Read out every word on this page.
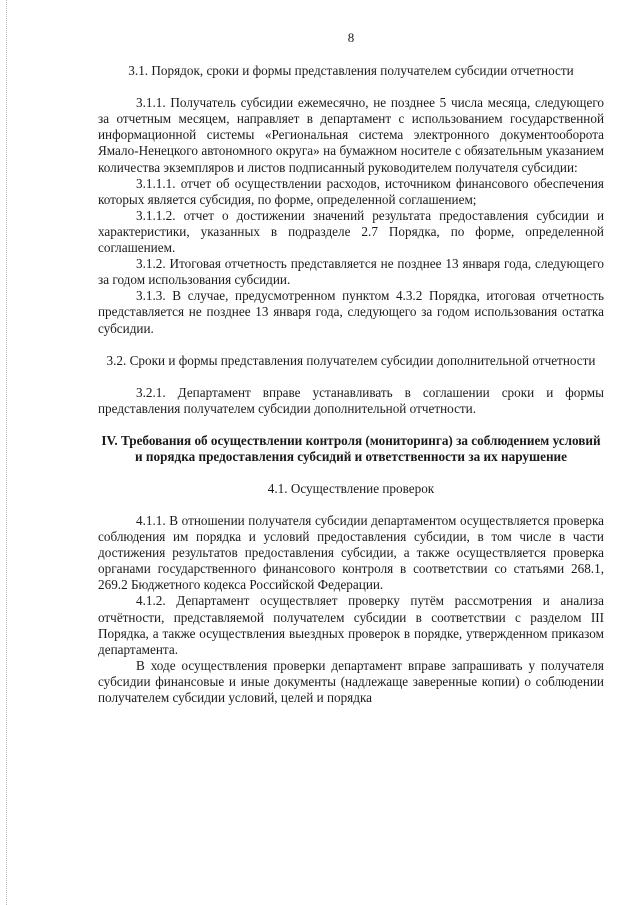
8
3.1. Порядок, сроки и формы представления получателем субсидии отчетности

3.1.1. Получатель субсидии ежемесячно, не позднее 5 числа месяца, следующего за отчетным месяцем, направляет в департамент с использованием государственной информационной системы «Региональная система электронного документооборота Ямало-Ненецкого автономного округа» на бумажном носителе с обязательным указанием количества экземпляров и листов подписанный руководителем получателя субсидии:

3.1.1.1. отчет об осуществлении расходов, источником финансового обеспечения которых является субсидия, по форме, определенной соглашением;

3.1.1.2. отчет о достижении значений результата предоставления субсидии и характеристики, указанных в подразделе 2.7 Порядка, по форме, определенной соглашением.

3.1.2. Итоговая отчетность представляется не позднее 13 января года, следующего за годом использования субсидии.

3.1.3. В случае, предусмотренном пунктом 4.3.2 Порядка, итоговая отчетность представляется не позднее 13 января года, следующего за годом использования остатка субсидии.

3.2. Сроки и формы представления получателем субсидии дополнительной отчетности

3.2.1. Департамент вправе устанавливать в соглашении сроки и формы представления получателем субсидии дополнительной отчетности.

IV. Требования об осуществлении контроля (мониторинга) за соблюдением условий и порядка предоставления субсидий и ответственности за их нарушение
4.1. Осуществление проверок

4.1.1. В отношении получателя субсидии департаментом осуществляется проверка соблюдения им порядка и условий предоставления субсидии, в том числе в части достижения результатов предоставления субсидии, а также осуществляется проверка органами государственного финансового контроля в соответствии со статьями 268.1, 269.2 Бюджетного кодекса Российской Федерации.

4.1.2. Департамент осуществляет проверку путём рассмотрения и анализа отчётности, представляемой получателем субсидии в соответствии с разделом III Порядка, а также осуществления выездных проверок в порядке, утвержденном приказом департамента.

В ходе осуществления проверки департамент вправе запрашивать у получателя субсидии финансовые и иные документы (надлежаще заверенные копии) о соблюдении получателем субсидии условий, целей и порядка
